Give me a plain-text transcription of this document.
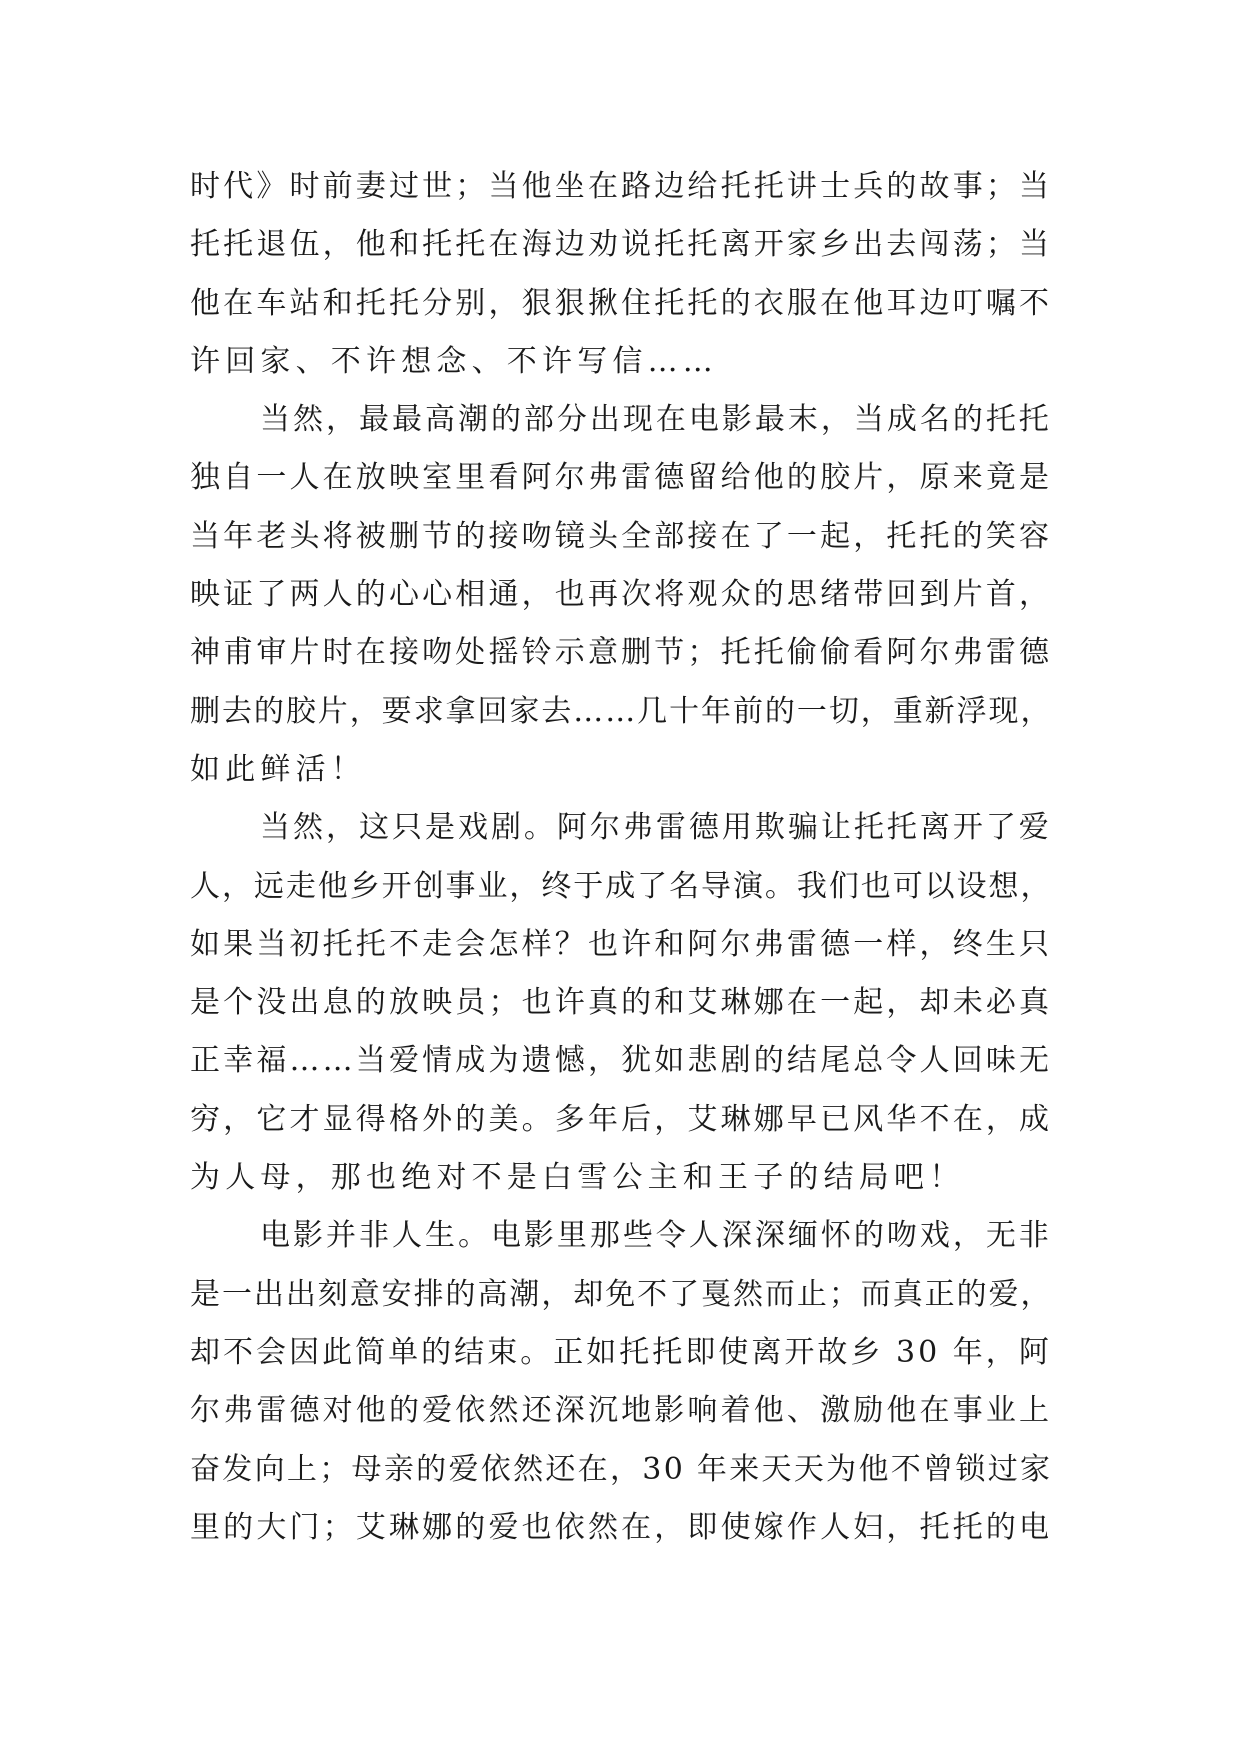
时代》时前妻过世；当他坐在路边给托托讲士兵的故事；当
托托退伍，他和托托在海边劝说托托离开家乡出去闯荡；当
他在车站和托托分别，狠狠揪住托托的衣服在他耳边叮嘱不
许回家、不许想念、不许写信……
当然，最最高潮的部分出现在电影最末，当成名的托托
独自一人在放映室里看阿尔弗雷德留给他的胶片，原来竟是
当年老头将被删节的接吻镜头全部接在了一起，托托的笑容
映证了两人的心心相通，也再次将观众的思绪带回到片首，
神甫审片时在接吻处摇铃示意删节；托托偷偷看阿尔弗雷德
删去的胶片，要求拿回家去……几十年前的一切，重新浮现，
如此鲜活！
当然，这只是戏剧。阿尔弗雷德用欺骗让托托离开了爱
人，远走他乡开创事业，终于成了名导演。我们也可以设想，
如果当初托托不走会怎样？也许和阿尔弗雷德一样，终生只
是个没出息的放映员；也许真的和艾琳娜在一起，却未必真
正幸福……当爱情成为遗憾，犹如悲剧的结尾总令人回味无
穷，它才显得格外的美。多年后，艾琳娜早已风华不在，成
为人母，那也绝对不是白雪公主和王子的结局吧！
电影并非人生。电影里那些令人深深缅怀的吻戏，无非
是一出出刻意安排的高潮，却免不了戛然而止；而真正的爱，
却不会因此简单的结束。正如托托即使离开故乡 30 年，阿
尔弗雷德对他的爱依然还深沉地影响着他、激励他在事业上
奋发向上；母亲的爱依然还在，30 年来天天为他不曾锁过家
里的大门；艾琳娜的爱也依然在，即使嫁作人妇，托托的电
